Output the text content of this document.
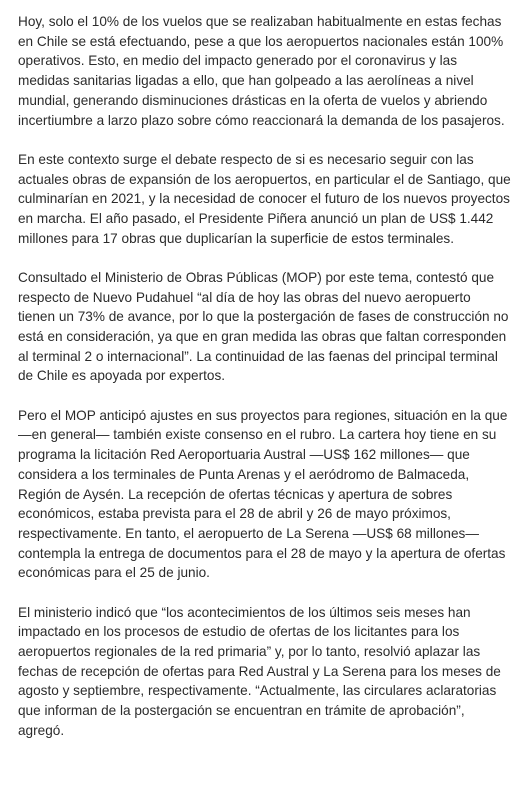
Hoy, solo el 10% de los vuelos que se realizaban habitualmente en estas fechas en Chile se está efectuando, pese a que los aeropuertos nacionales están 100% operativos. Esto, en medio del impacto generado por el coronavirus y las medidas sanitarias ligadas a ello, que han golpeado a las aerolíneas a nivel mundial, generando disminuciones drásticas en la oferta de vuelos y abriendo incertiumbre a larzo plazo sobre cómo reaccionará la demanda de los pasajeros.

En este contexto surge el debate respecto de si es necesario seguir con las actuales obras de expansión de los aeropuertos, en particular el de Santiago, que culminarían en 2021, y la necesidad de conocer el futuro de los nuevos proyectos en marcha. El año pasado, el Presidente Piñera anunció un plan de US$ 1.442 millones para 17 obras que duplicarían la superficie de estos terminales.

Consultado el Ministerio de Obras Públicas (MOP) por este tema, contestó que respecto de Nuevo Pudahuel “al día de hoy las obras del nuevo aeropuerto tienen un 73% de avance, por lo que la postergación de fases de construcción no está en consideración, ya que en gran medida las obras que faltan corresponden al terminal 2 o internacional”. La continuidad de las faenas del principal terminal de Chile es apoyada por expertos.

Pero el MOP anticipó ajustes en sus proyectos para regiones, situación en la que —en general— también existe consenso en el rubro. La cartera hoy tiene en su programa la licitación Red Aeroportuaria Austral —US$ 162 millones— que considera a los terminales de Punta Arenas y el aeródromo de Balmaceda, Región de Aysén. La recepción de ofertas técnicas y apertura de sobres económicos, estaba prevista para el 28 de abril y 26 de mayo próximos, respectivamente. En tanto, el aeropuerto de La Serena —US$ 68 millones— contempla la entrega de documentos para el 28 de mayo y la apertura de ofertas económicas para el 25 de junio.

El ministerio indicó que “los acontecimientos de los últimos seis meses han impactado en los procesos de estudio de ofertas de los licitantes para los aeropuertos regionales de la red primaria” y, por lo tanto, resolvió aplazar las fechas de recepción de ofertas para Red Austral y La Serena para los meses de agosto y septiembre, respectivamente. “Actualmente, las circulares aclaratorias que informan de la postergación se encuentran en trámite de aprobación”, agregó.
